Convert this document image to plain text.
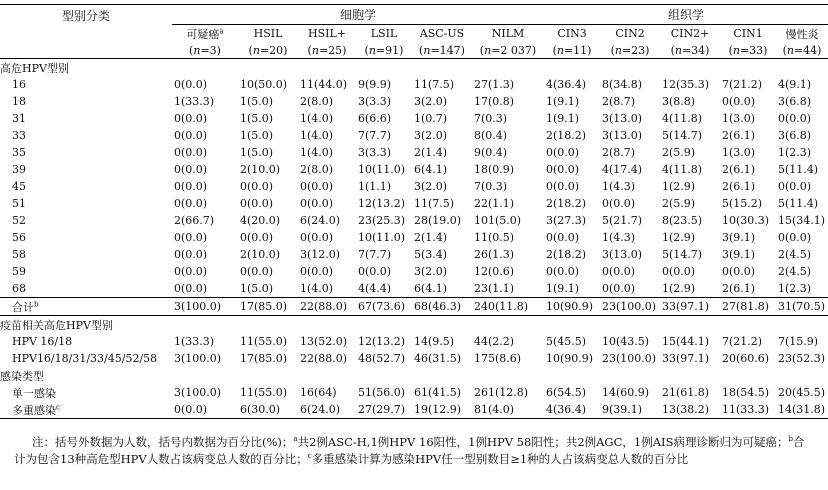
型别分类	细胞学						组织学				
	可疑癌$^a$	HSIL	HSIL+	LSIL	ASC-US	NILM	CIN3	CIN2	CIN2+	CIN1	慢性炎
	(n=3)	(n=20)	(n=25)	(n=91)	(n=147)	(n=2 037)	(n=11)	(n=23)	(n=34)	(n=33)	(n=44)
高危HPV型别											
16	0(0.0)	10(50.0)	11(44.0)	9(9.9)	11(7.5)	27(1.3)	4(36.4)	8(34.8)	12(35.3)	7(21.2)	4(9.1)
18	1(33.3)	1(5.0)	2(8.0)	3(3.3)	3(2.0)	17(0.8)	1(9.1)	2(8.7)	3(8.8)	0(0.0)	3(6.8)
31	0(0.0)	1(5.0)	1(4.0)	6(6.6)	1(0.7)	7(0.3)	1(9.1)	3(13.0)	4(11.8)	1(3.0)	0(0.0)
33	0(0.0)	1(5.0)	1(4.0)	7(7.7)	3(2.0)	8(0.4)	2(18.2)	3(13.0)	5(14.7)	2(6.1)	3(6.8)
35	0(0.0)	1(5.0)	1(4.0)	3(3.3)	2(1.4)	9(0.4)	0(0.0)	2(8.7)	2(5.9)	1(3.0)	1(2.3)
39	0(0.0)	2(10.0)	2(8.0)	10(11.0)	6(4.1)	18(0.9)	0(0.0)	4(17.4)	4(11.8)	2(6.1)	5(11.4)
45	0(0.0)	0(0.0)	0(0.0)	1(1.1)	3(2.0)	7(0.3)	0(0.0)	1(4.3)	1(2.9)	2(6.1)	0(0.0)
51	0(0.0)	0(0.0)	0(0.0)	12(13.2)	11(7.5)	22(1.1)	2(18.2)	0(0.0)	2(5.9)	5(15.2)	5(11.4)
52	2(66.7)	4(20.0)	6(24.0)	23(25.3)	28(19.0)	101(5.0)	3(27.3)	5(21.7)	8(23.5)	10(30.3)	15(34.1)
56	0(0.0)	0(0.0)	0(0.0)	10(11.0)	2(1.4)	11(0.5)	0(0.0)	1(4.3)	1(2.9)	3(9.1)	0(0.0)
58	0(0.0)	2(10.0)	3(12.0)	7(7.7)	5(3.4)	26(1.3)	2(18.2)	3(13.0)	5(14.7)	3(9.1)	2(4.5)
59	0(0.0)	0(0.0)	0(0.0)	0(0.0)	3(2.0)	12(0.6)	0(0.0)	0(0.0)	0(0.0)	0(0.0)	2(4.5)
68	0(0.0)	1(5.0)	1(4.0)	4(4.4)	6(4.1)	23(1.1)	1(9.1)	0(0.0)	1(2.9)	2(6.1)	1(2.3)
合计$^b$	3(100.0)	17(85.0)	22(88.0)	67(73.6)	68(46.3)	240(11.8)	10(90.9)	23(100.0)	33(97.1)	27(81.8)	31(70.5)
疫苗相关高危HPV型别											
HPV 16/18	1(33.3)	11(55.0)	13(52.0)	12(13.2)	14(9.5)	44(2.2)	5(45.5)	10(43.5)	15(44.1)	7(21.2)	7(15.9)
HPV16/18/31/33/45/52/58	3(100.0)	17(85.0)	22(88.0)	48(52.7)	46(31.5)	175(8.6)	10(90.9)	23(100.0)	33(97.1)	20(60.6)	23(52.3)
感染类型											
单一感染	3(100.0)	11(55.0)	16(64)	51(56.0)	61(41.5)	261(12.8)	6(54.5)	14(60.9)	21(61.8)	18(54.5)	20(45.5)
多重感染$^c$	0(0.0)	6(30.0)	6(24.0)	27(29.7)	19(12.9)	81(4.0)	4(36.4)	9(39.1)	13(38.2)	11(33.3)	14(31.8)
注：括号外数据为人数，括号内数据为百分比(%)；$^a$共2例ASC-H,1例HPV 16阳性，1例HPV 58阳性；共2例AGC，1例AIS病理诊断归为可疑癌；$^b$合计为包含13种高危型HPV人数占该病变总人数的百分比；$^c$多重感染计算为感染HPV任一型别数目≥1种的人占该病变总人数的百分比
